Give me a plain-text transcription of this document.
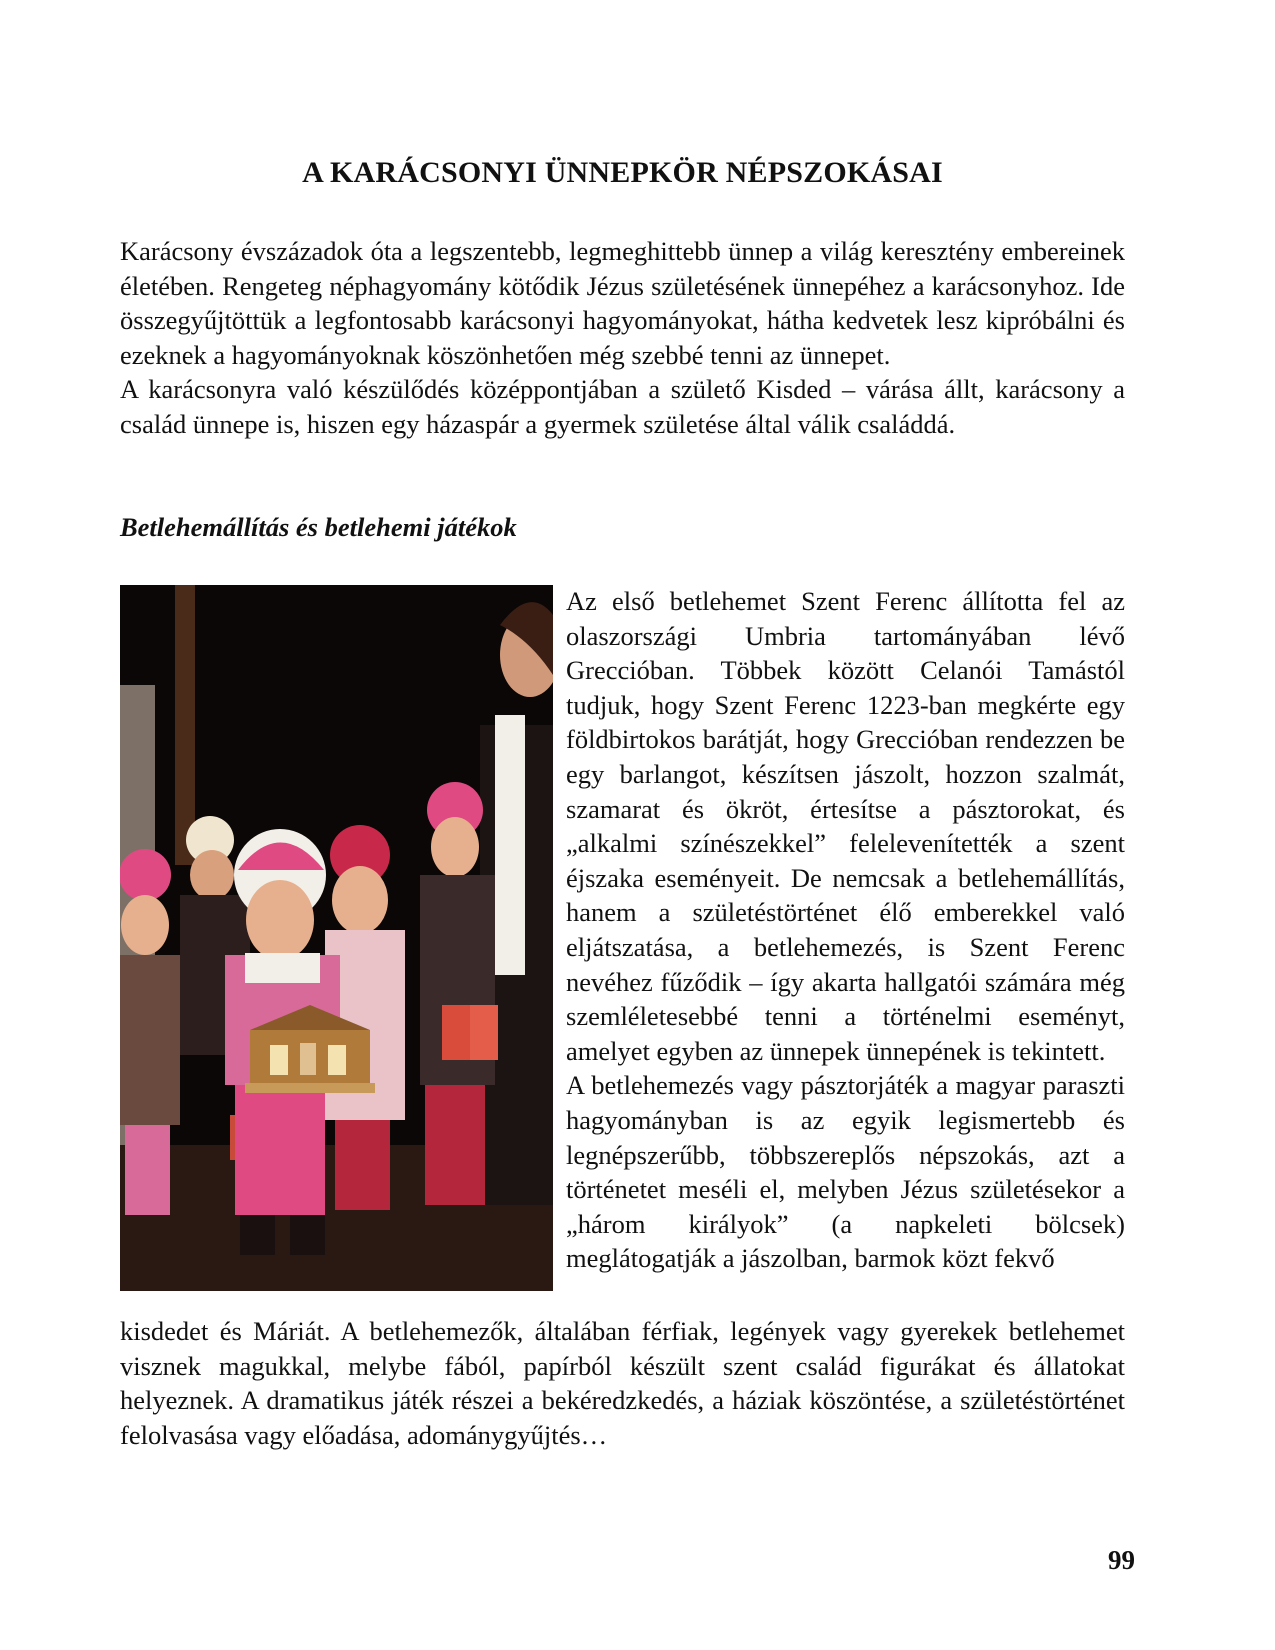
A KARÁCSONYI ÜNNEPKÖR NÉPSZOKÁSAI

Karácsony évszázadok óta a legszentebb, legmeghittebb ünnep a világ keresztény embereinek életében. Rengeteg néphagyomány kötődik Jézus születésének ünnepéhez a karácsonyhoz. Ide összegyűjtöttük a legfontosabb karácsonyi hagyományokat, hátha kedvetek lesz kipróbálni és ezeknek a hagyományoknak köszönhetően még szebbé tenni az ünnepet.

A karácsonyra való készülődés középpontjában a születő Kisded – várása állt, karácsony a család ünnepe is, hiszen egy házaspár a gyermek születése által válik családdá.

Betlehemállítás és betlehemi játékok

Az első betlehemet Szent Ferenc állította fel az olaszországi Umbria tartományában lévő Greccióban. Többek között Celanói Tamástól tudjuk, hogy Szent Ferenc 1223-ban megkérte egy földbirtokos barátját, hogy Greccióban rendezzen be egy barlangot, készítsen jászolt, hozzon szalmát, szamarat és ökröt, értesítse a pásztorokat, és „alkalmi színészekkel” felelevenítették a szent éjszaka eseményeit. De nemcsak a betlehemállítás, hanem a születéstörténet élő emberekkel való eljátszatása, a betlehemezés, is Szent Ferenc nevéhez fűződik – így akarta hallgatói számára még szemléletesebbé tenni a történelmi eseményt, amelyet egyben az ünnepek ünnepének is tekintett.

A betlehemezés vagy pásztorjáték a magyar paraszti hagyományban is az egyik legismertebb és legnépszerűbb, többszereplős népszokás, azt a történetet meséli el, melyben Jézus születésekor a „három királyok” (a napkeleti bölcsek) meglátogatják a jászolban, barmok közt fekvő

kisdedet és Máriát. A betlehemezők, általában férfiak, legények vagy gyerekek betlehemet visznek magukkal, melybe fából, papírból készült szent család figurákat és állatokat helyeznek. A dramatikus játék részei a bekéredzkedés, a háziak köszöntése, a születéstörténet felolvasása vagy előadása, adománygyűjtés…
99
